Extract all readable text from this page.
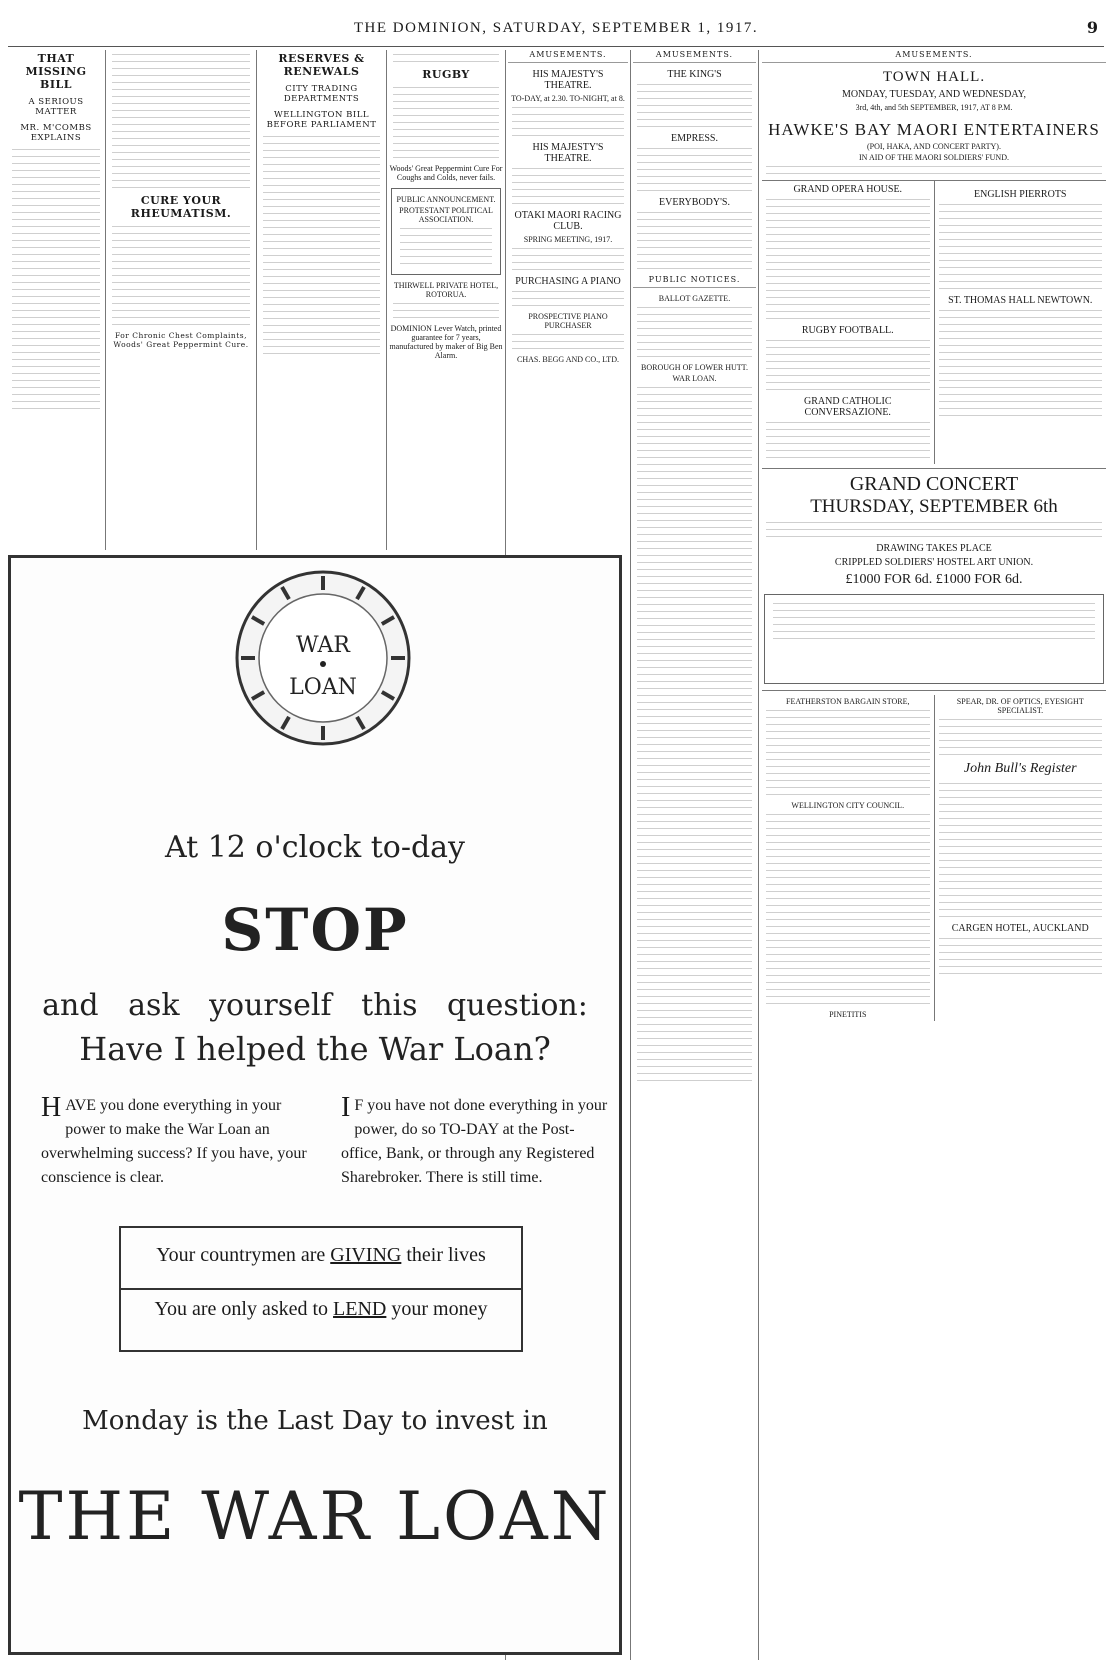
THE DOMINION, SATURDAY, SEPTEMBER 1, 1917.	9
THAT MISSING BILL
A SERIOUS MATTER
MR. M'COMBS EXPLAINS
CURE YOUR RHEUMATISM.
For Chronic Chest Complaints, Woods' Great Peppermint Cure.
RESERVES & RENEWALS
CITY TRADING DEPARTMENTS
WELLINGTON BILL BEFORE PARLIAMENT
RUGBY
Woods' Great Peppermint Cure For Coughs and Colds, never fails.
PUBLIC ANNOUNCEMENT.
PROTESTANT POLITICAL ASSOCIATION.
THIRWELL PRIVATE HOTEL, ROTORUA.
DOMINION Lever Watch, printed guarantee for 7 years, manufactured by maker of Big Ben Alarm.
AMUSEMENTS.
HIS MAJESTY'S THEATRE.
TO-DAY, at 2.30. TO-NIGHT, at 8.
HIS MAJESTY'S THEATRE.
OTAKI MAORI RACING CLUB.
SPRING MEETING, 1917.
PURCHASING A PIANO
PROSPECTIVE PIANO PURCHASER
CHAS. BEGG AND CO., LTD.
AMUSEMENTS.
THE KING'S
EMPRESS.
EVERYBODY'S.
PUBLIC NOTICES.
BALLOT GAZETTE.
BOROUGH OF LOWER HUTT.
WAR LOAN.
AMUSEMENTS.
TOWN HALL.
MONDAY, TUESDAY, AND WEDNESDAY,
3rd, 4th, and 5th SEPTEMBER, 1917, AT 8 P.M.
HAWKE'S BAY MAORI ENTERTAINERS
(POI, HAKA, AND CONCERT PARTY).
IN AID OF THE MAORI SOLDIERS' FUND.
GRAND OPERA HOUSE.
RUGBY FOOTBALL.
GRAND CATHOLIC CONVERSAZIONE.
ENGLISH PIERROTS
ST. THOMAS HALL NEWTOWN.
GRAND CONCERT
THURSDAY, SEPTEMBER 6th
DRAWING TAKES PLACE
CRIPPLED SOLDIERS' HOSTEL ART UNION.
£1000 FOR 6d. £1000 FOR 6d.
FEATHERSTON BARGAIN STORE,
WELLINGTON CITY COUNCIL.
PINETITIS
SPEAR, DR. OF OPTICS, EYESIGHT SPECIALIST.
John Bull's Register
CARGEN HOTEL, AUCKLAND
WAR
LOAN
At 12 o'clock to-day
STOP
and ask yourself this question:
Have I helped the War Loan?
HAVE you done everything in your power to make the War Loan an overwhelming success? If you have, your conscience is clear.
I F you have not done everything in your power, do so TO-DAY at the Post-office, Bank, or through any Registered Sharebroker. There is still time.
Your countrymen are GIVING their lives
You are only asked to LEND your money
Monday is the Last Day to invest in
THE WAR LOAN
